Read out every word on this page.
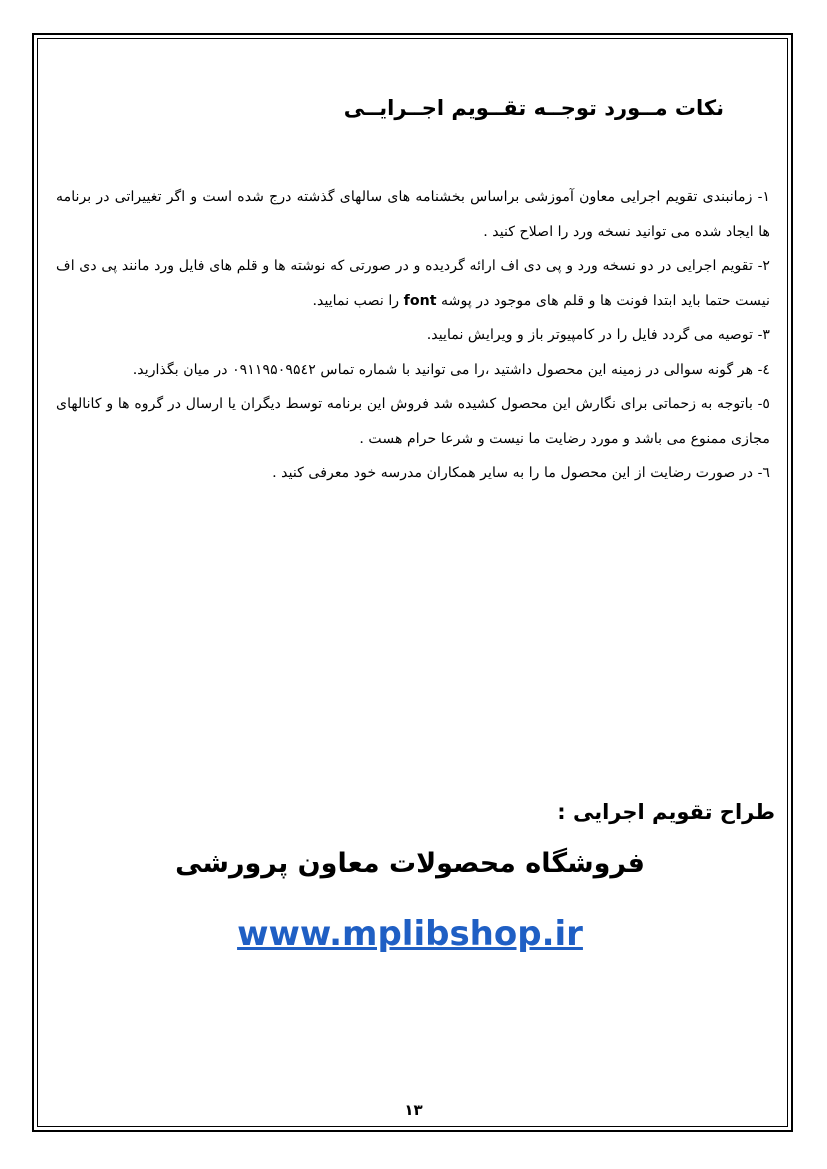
نکات مــورد توجــه تقــویم اجــرایــی

۱- زمانبندی تقویم اجرایی معاون آموزشی براساس بخشنامه های سالهای گذشته درج شده است و اگر تغییراتی در برنامه ها ایجاد شده می توانید نسخه ورد را اصلاح کنید .

۲- تقویم اجرایی در دو نسخه ورد و پی دی اف ارائه گردیده و در صورتی که نوشته ها و قلم های فایل ورد مانند پی دی اف نیست حتما باید ابتدا فونت ها و قلم های موجود در پوشه font را نصب نمایید.

۳- توصیه می گردد فایل را در کامپیوتر باز و ویرایش نمایید.

٤- هر گونه سوالی در زمینه این محصول داشتید ،را می توانید با شماره تماس ۰۹۱۱۹۵۰۹۵٤۲ در میان بگذارید.

٥- باتوجه به زحماتی برای نگارش این محصول کشیده شد فروش این برنامه توسط دیگران یا ارسال در گروه ها و کانالهای مجازی ممنوع می باشد و مورد رضایت ما نیست و شرعا حرام هست .

٦- در صورت رضایت از این محصول ما را به سایر همکاران مدرسه خود معرفی کنید .

طراح تقویم اجرایی :
فروشگاه محصولات معاون پرورشی
www.mplibshop.ir
۱۳
